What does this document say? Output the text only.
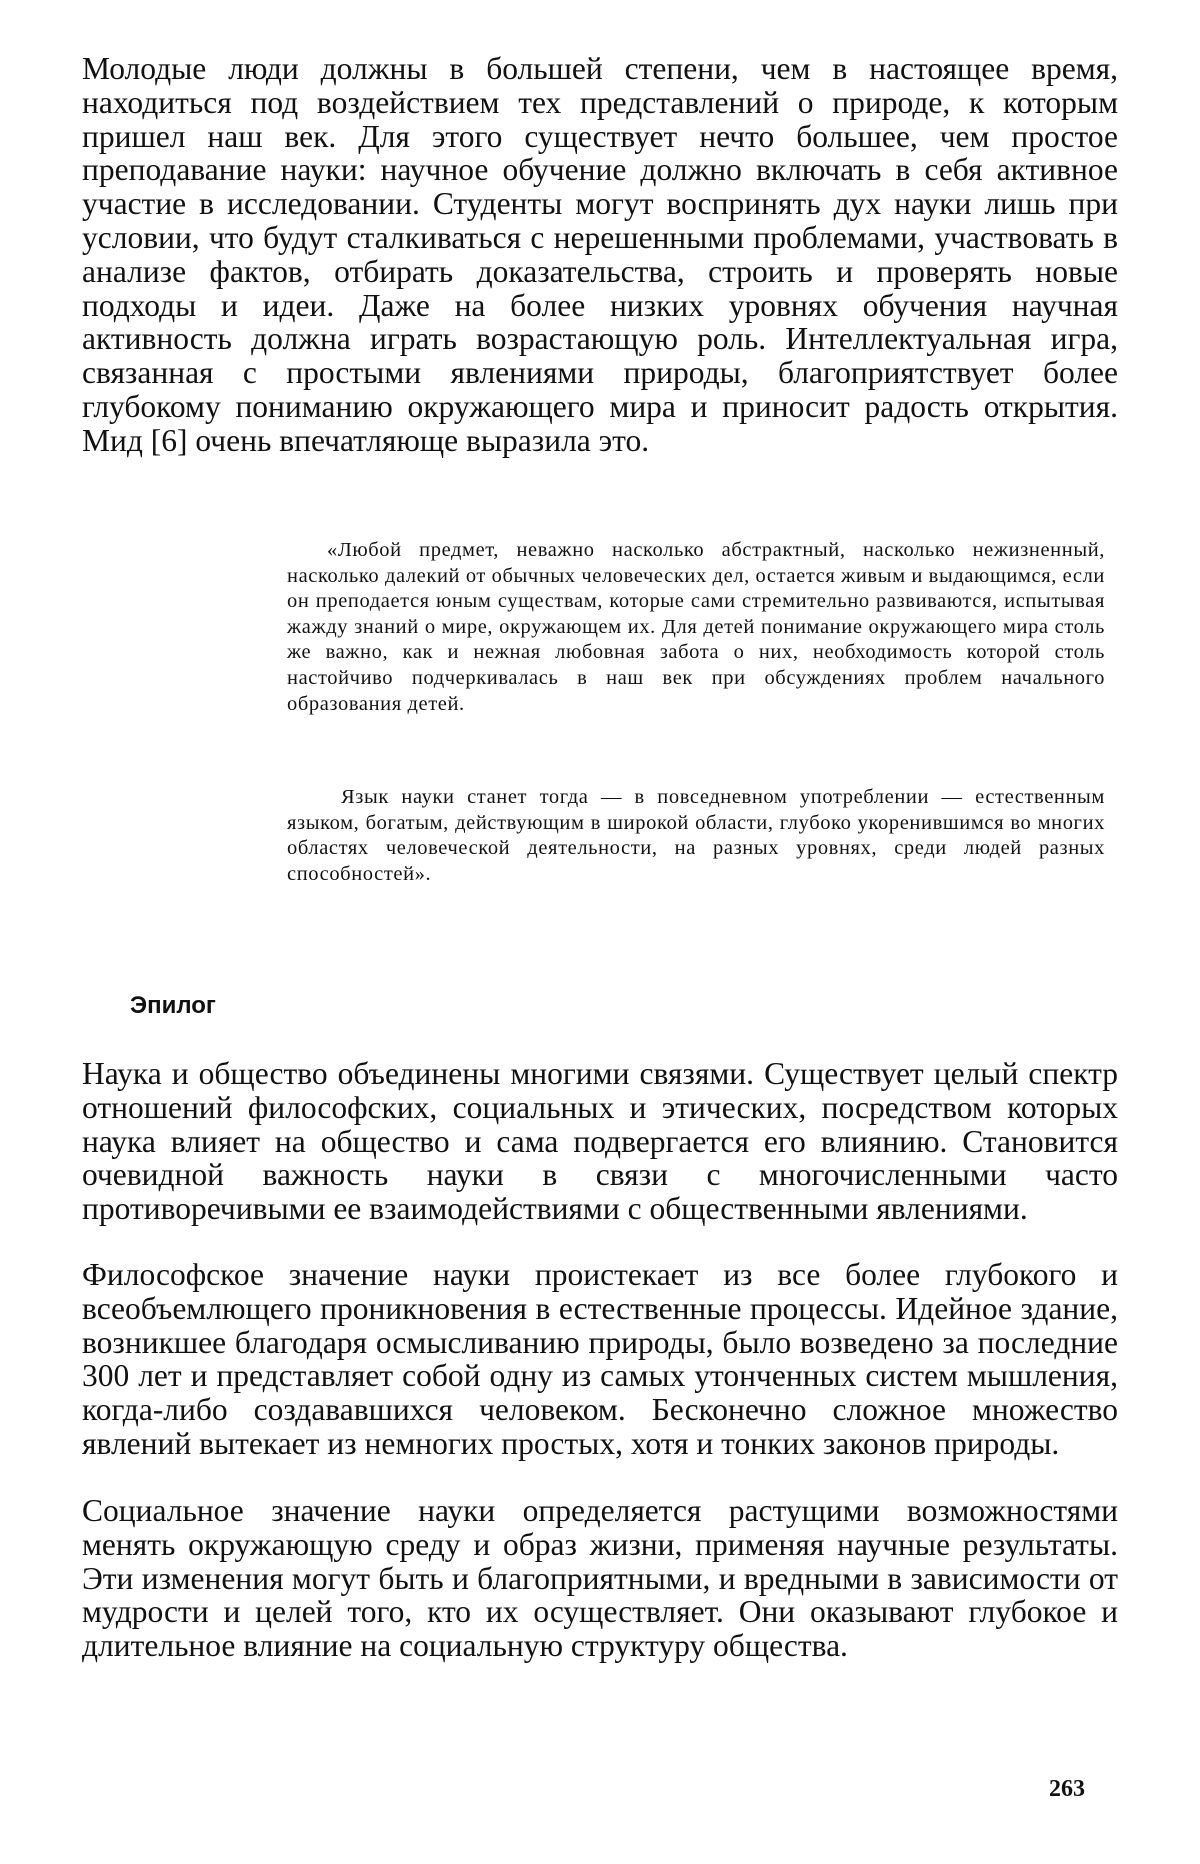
Молодые люди должны в большей степени, чем в настоящее время, находиться под воздействием тех представлений о природе, к которым пришел наш век. Для этого существует нечто большее, чем простое преподавание науки: научное обучение должно включать в себя активное участие в исследовании. Студенты могут воспринять дух науки лишь при условии, что будут сталкиваться с нерешенными проблемами, участвовать в анализе фактов, отбирать доказательства, строить и проверять новые подходы и идеи. Даже на более низких уровнях обучения научная активность должна играть возрастающую роль. Интеллектуальная игра, связанная с простыми явлениями природы, благоприятствует более глубокому пониманию окружающего мира и приносит радость открытия. Мид [6] очень впечатляюще выразила это.

«Любой предмет, неважно насколько абстрактный, насколько нежизненный, насколько далекий от обычных человеческих дел, остается живым и выдающимся, если он преподается юным существам, которые сами стремительно развиваются, испытывая жажду знаний о мире, окружающем их. Для детей понимание окружающего мира столь же важно, как и нежная любовная забота о них, необходимость которой столь настойчиво подчеркивалась в наш век при обсуждениях проблем начального образования детей.

Язык науки станет тогда — в повседневном употреблении — естественным языком, богатым, действующим в широкой области, глубоко укоренившимся во многих областях человеческой деятельности, на разных уровнях, среди людей разных способностей».

Эпилог

Наука и общество объединены многими связями. Существует целый спектр отношений философских, социальных и этических, посредством которых наука влияет на общество и сама подвергается его влиянию. Становится очевидной важность науки в связи с многочисленными часто противоречивыми ее взаимодействиями с общественными явлениями.

Философское значение науки проистекает из все более глубокого и всеобъемлющего проникновения в естественные процессы. Идейное здание, возникшее благодаря осмысливанию природы, было возведено за последние 300 лет и представляет собой одну из самых утонченных систем мышления, когда-либо создававшихся человеком. Бесконечно сложное множество явлений вытекает из немногих простых, хотя и тонких законов природы.

Социальное значение науки определяется растущими возможностями менять окружающую среду и образ жизни, применяя научные результаты. Эти изменения могут быть и благоприятными, и вредными в зависимости от мудрости и целей того, кто их осуществляет. Они оказывают глубокое и длительное влияние на социальную структуру общества.

263
